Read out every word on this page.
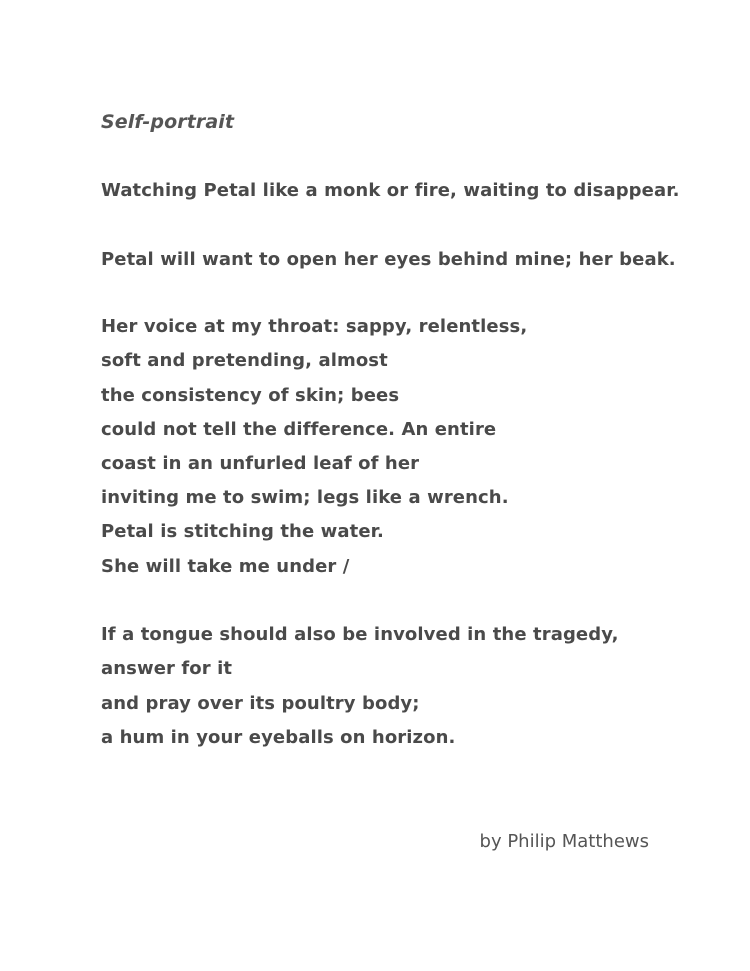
Self-portrait

Watching Petal like a monk or fire, waiting to disappear.

Petal will want to open her eyes behind mine; her beak.

Her voice at my throat: sappy, relentless,

soft and pretending, almost

the consistency of skin; bees

could not tell the difference. An entire

coast in an unfurled leaf of her

inviting me to swim; legs like a wrench.

Petal is stitching the water.

She will take me under /

If a tongue should also be involved in the tragedy,

answer for it

and pray over its poultry body;

a hum in your eyeballs on horizon.

by Philip Matthews
